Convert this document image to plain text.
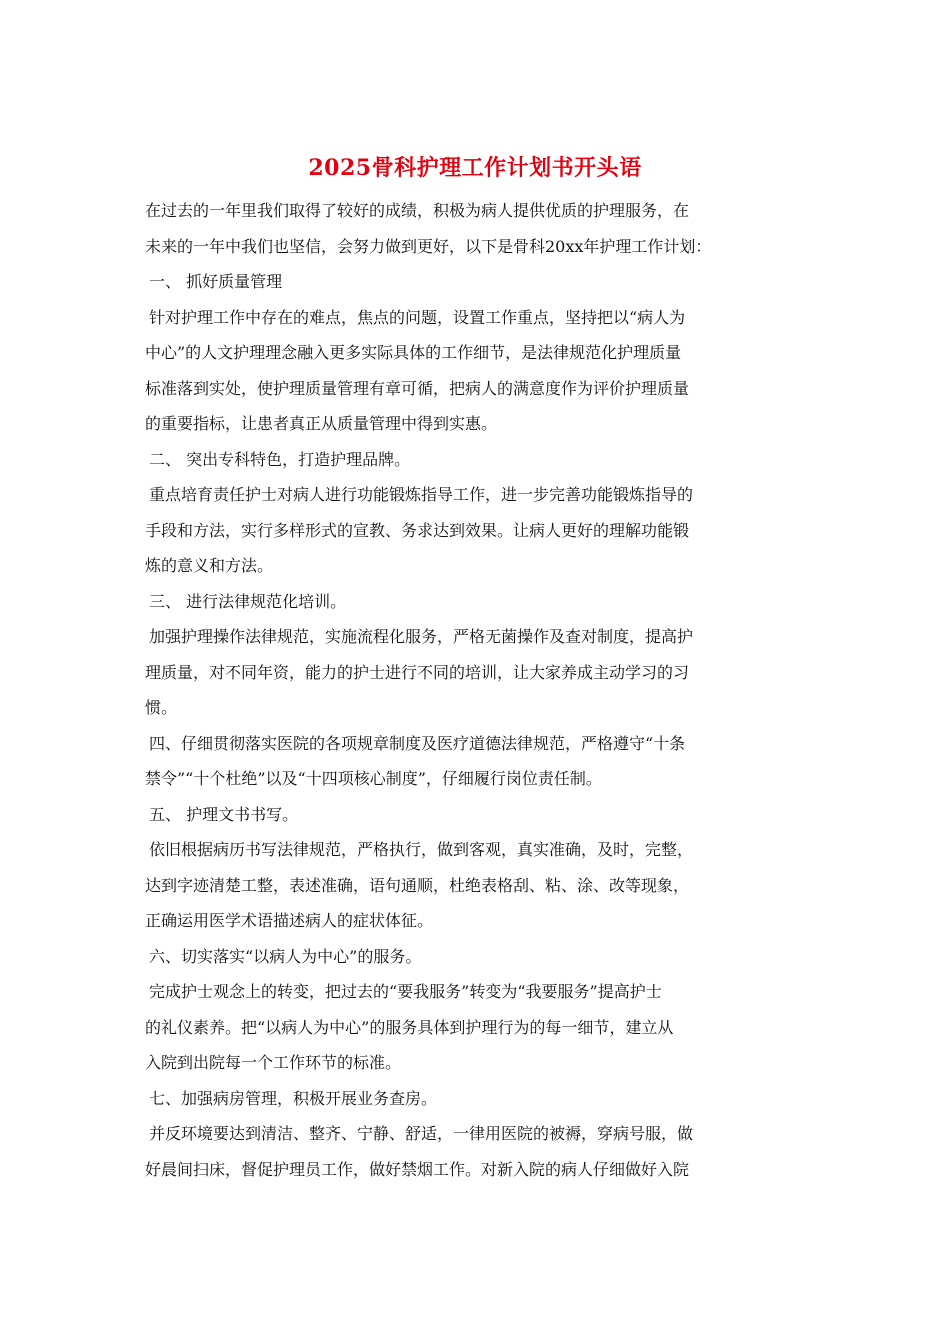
2025骨科护理工作计划书开头语
在过去的一年里我们取得了较好的成绩，积极为病人提供优质的护理服务，在
未来的一年中我们也坚信，会努力做到更好，以下是骨科20xx年护理工作计划：
一、 抓好质量管理
针对护理工作中存在的难点，焦点的问题，设置工作重点，坚持把以“病人为
中心”的人文护理理念融入更多实际具体的工作细节，是法律规范化护理质量
标准落到实处，使护理质量管理有章可循，把病人的满意度作为评价护理质量
的重要指标，让患者真正从质量管理中得到实惠。
二、 突出专科特色，打造护理品牌。
重点培育责任护士对病人进行功能锻炼指导工作，进一步完善功能锻炼指导的
手段和方法，实行多样形式的宣教、务求达到效果。让病人更好的理解功能锻
炼的意义和方法。
三、 进行法律规范化培训。
加强护理操作法律规范，实施流程化服务，严格无菌操作及查对制度，提高护
理质量，对不同年资，能力的护士进行不同的培训，让大家养成主动学习的习
惯。
四、仔细贯彻落实医院的各项规章制度及医疗道德法律规范，严格遵守“十条
禁令”“十个杜绝”以及“十四项核心制度”，仔细履行岗位责任制。
五、 护理文书书写。
依旧根据病历书写法律规范，严格执行，做到客观，真实准确，及时，完整，
达到字迹清楚工整，表述准确，语句通顺，杜绝表格刮、粘、涂、改等现象，
正确运用医学术语描述病人的症状体征。
六、切实落实“以病人为中心”的服务。
完成护士观念上的转变，把过去的“要我服务”转变为“我要服务”提高护士
的礼仪素养。把“以病人为中心”的服务具体到护理行为的每一细节，建立从
入院到出院每一个工作环节的标准。
七、加强病房管理，积极开展业务查房。
并反环境要达到清洁、整齐、宁静、舒适，一律用医院的被褥，穿病号服，做
好晨间扫床，督促护理员工作，做好禁烟工作。对新入院的病人仔细做好入院
